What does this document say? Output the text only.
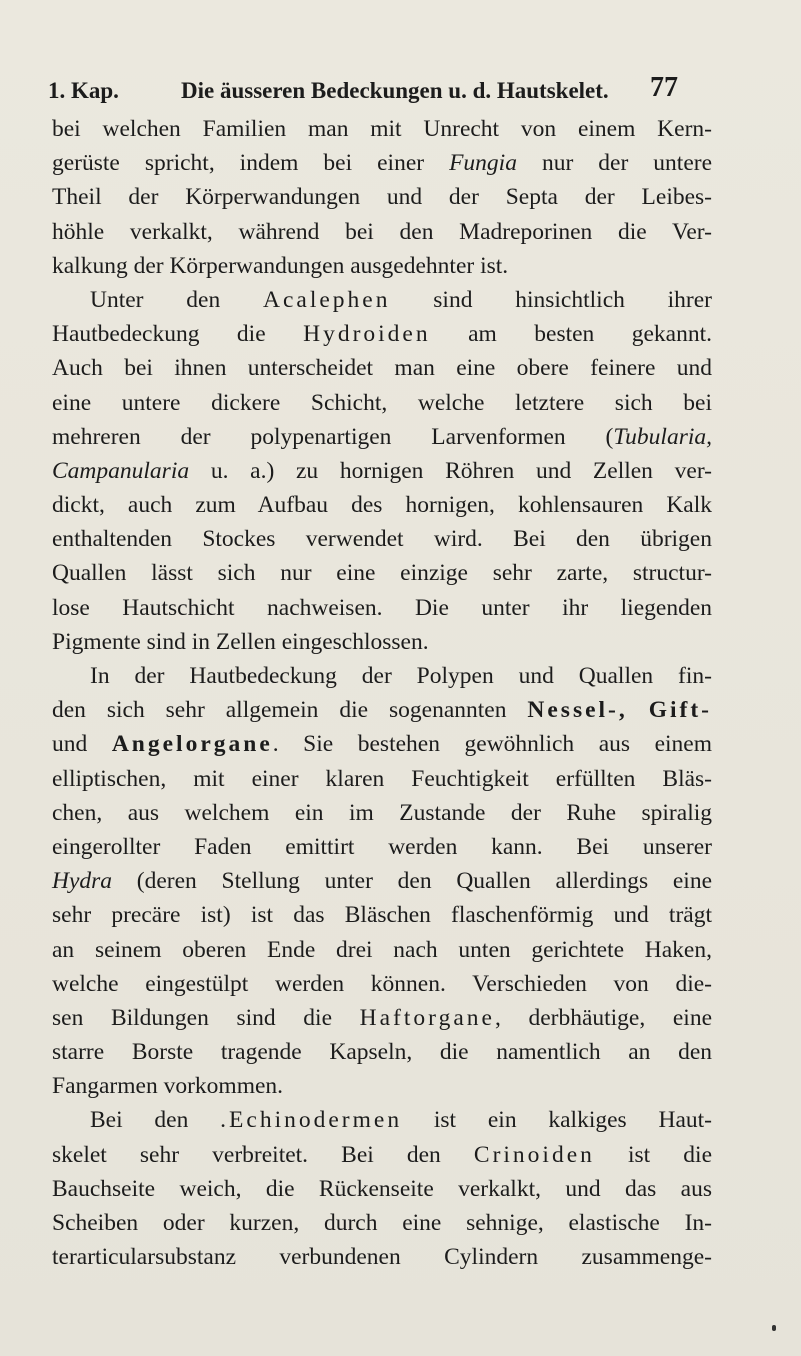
1. Kap.	Die äusseren Bedeckungen u. d. Hautskelet. 77
bei welchen Familien man mit Unrecht von einem Kern-
gerüste spricht, indem bei einer Fungia nur der untere
Theil der Körperwandungen und der Septa der Leibes-
höhle verkalkt, während bei den Madreporinen die Ver-
kalkung der Körperwandungen ausgedehnter ist.
Unter den Acalephen sind hinsichtlich ihrer
Hautbedeckung die Hydroiden am besten gekannt.
Auch bei ihnen unterscheidet man eine obere feinere und
eine untere dickere Schicht, welche letztere sich bei
mehreren der polypenartigen Larvenformen (Tubularia,
Campanularia u. a.) zu hornigen Röhren und Zellen ver-
dickt, auch zum Aufbau des hornigen, kohlensauren Kalk
enthaltenden Stockes verwendet wird. Bei den übrigen
Quallen lässt sich nur eine einzige sehr zarte, structur-
lose Hautschicht nachweisen. Die unter ihr liegenden
Pigmente sind in Zellen eingeschlossen.
In der Hautbedeckung der Polypen und Quallen fin-
den sich sehr allgemein die sogenannten Nessel-, Gift-
und Angelorgane. Sie bestehen gewöhnlich aus einem
elliptischen, mit einer klaren Feuchtigkeit erfüllten Bläs-
chen, aus welchem ein im Zustande der Ruhe spiralig
eingerollter Faden emittirt werden kann. Bei unserer
Hydra (deren Stellung unter den Quallen allerdings eine
sehr precäre ist) ist das Bläschen flaschenförmig und trägt
an seinem oberen Ende drei nach unten gerichtete Haken,
welche eingestülpt werden können. Verschieden von die-
sen Bildungen sind die Haftorgane, derbhäutige, eine
starre Borste tragende Kapseln, die namentlich an den
Fangarmen vorkommen.
Bei den .Echinodermen ist ein kalkiges Haut-
skelet sehr verbreitet. Bei den Crinoiden ist die
Bauchseite weich, die Rückenseite verkalkt, und das aus
Scheiben oder kurzen, durch eine sehnige, elastische In-
terarticularsubstanz verbundenen Cylindern zusammenge-
